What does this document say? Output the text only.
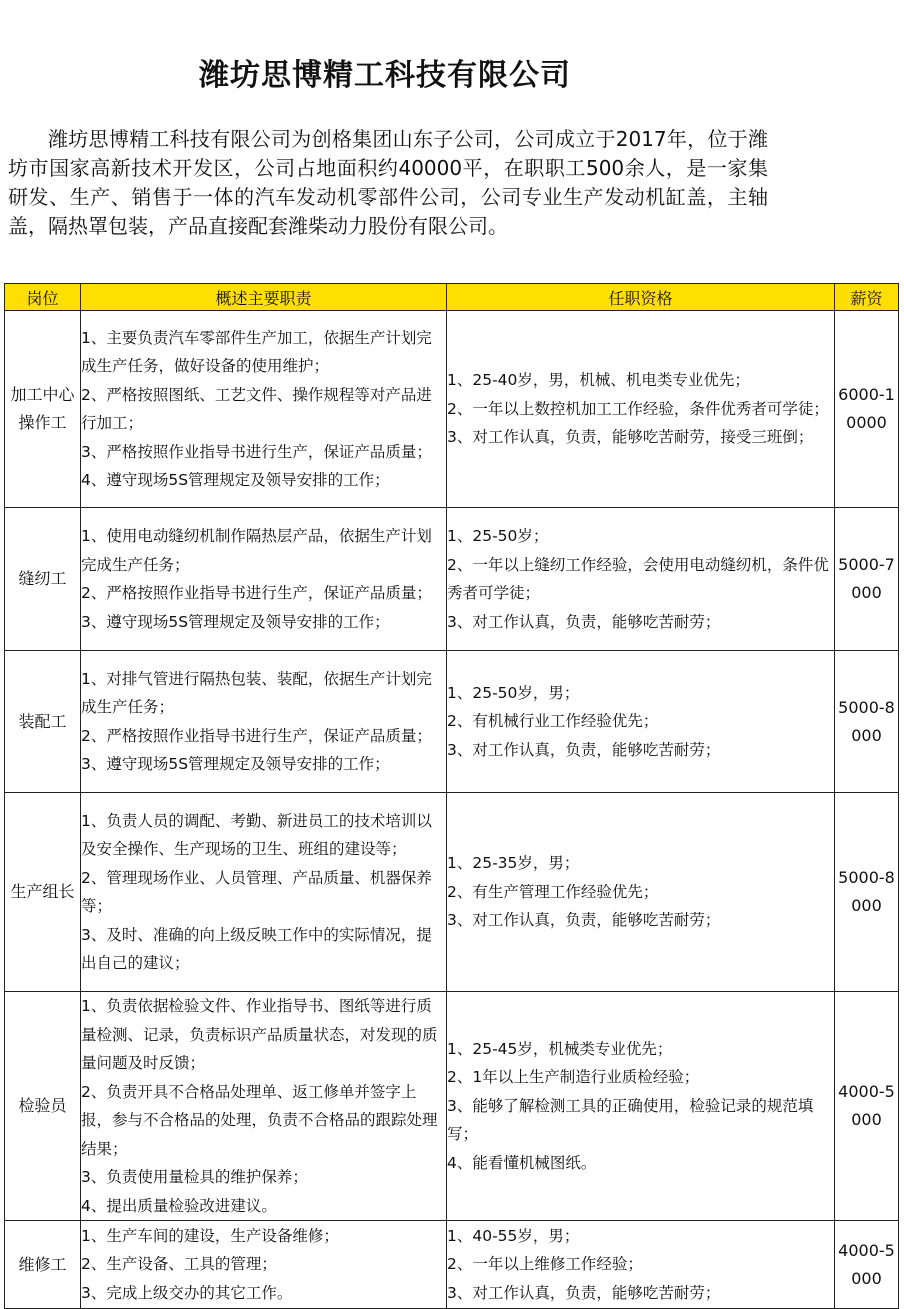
潍坊思博精工科技有限公司
潍坊思博精工科技有限公司为创格集团山东子公司，公司成立于2017年，位于潍坊市国家高新技术开发区，公司占地面积约40000平，在职职工500余人，是一家集研发、生产、销售于一体的汽车发动机零部件公司，公司专业生产发动机缸盖，主轴盖，隔热罩包装，产品直接配套潍柴动力股份有限公司。
岗位	概述主要职责	任职资格	薪资
加工中心操作工	1、主要负责汽车零部件生产加工，依据生产计划完成生产任务，做好设备的使用维护；
2、严格按照图纸、工艺文件、操作规程等对产品进行加工；
3、严格按照作业指导书进行生产，保证产品质量；
4、遵守现场5S管理规定及领导安排的工作；	1、25-40岁，男，机械、机电类专业优先；
2、一年以上数控机加工工作经验，条件优秀者可学徒；
3、对工作认真，负责，能够吃苦耐劳，接受三班倒；	6000-10000
缝纫工	1、使用电动缝纫机制作隔热层产品，依据生产计划完成生产任务；
2、严格按照作业指导书进行生产，保证产品质量；
3、遵守现场5S管理规定及领导安排的工作；	1、25-50岁；
2、一年以上缝纫工作经验，会使用电动缝纫机，条件优秀者可学徒；
3、对工作认真，负责，能够吃苦耐劳；	5000-7000
装配工	1、对排气管进行隔热包装、装配，依据生产计划完成生产任务；
2、严格按照作业指导书进行生产，保证产品质量；
3、遵守现场5S管理规定及领导安排的工作；	1、25-50岁，男；
2、有机械行业工作经验优先；
3、对工作认真，负责，能够吃苦耐劳；	5000-8000
生产组长	1、负责人员的调配、考勤、新进员工的技术培训以及安全操作、生产现场的卫生、班组的建设等；
2、管理现场作业、人员管理、产品质量、机器保养等；
3、及时、准确的向上级反映工作中的实际情况，提出自己的建议；	1、25-35岁，男；
2、有生产管理工作经验优先；
3、对工作认真，负责，能够吃苦耐劳；	5000-8000
检验员	1、负责依据检验文件、作业指导书、图纸等进行质量检测、记录，负责标识产品质量状态，对发现的质量问题及时反馈；
2、负责开具不合格品处理单、返工修单并签字上报，参与不合格品的处理，负责不合格品的跟踪处理结果；
3、负责使用量检具的维护保养；
4、提出质量检验改进建议。	1、25-45岁，机械类专业优先；
2、1年以上生产制造行业质检经验；
3、能够了解检测工具的正确使用，检验记录的规范填写；
4、能看懂机械图纸。	4000-5000
维修工	1、生产车间的建设，生产设备维修；
2、生产设备、工具的管理；
3、完成上级交办的其它工作。	1、40-55岁，男；
2、一年以上维修工作经验；
3、对工作认真，负责，能够吃苦耐劳；	4000-5000
